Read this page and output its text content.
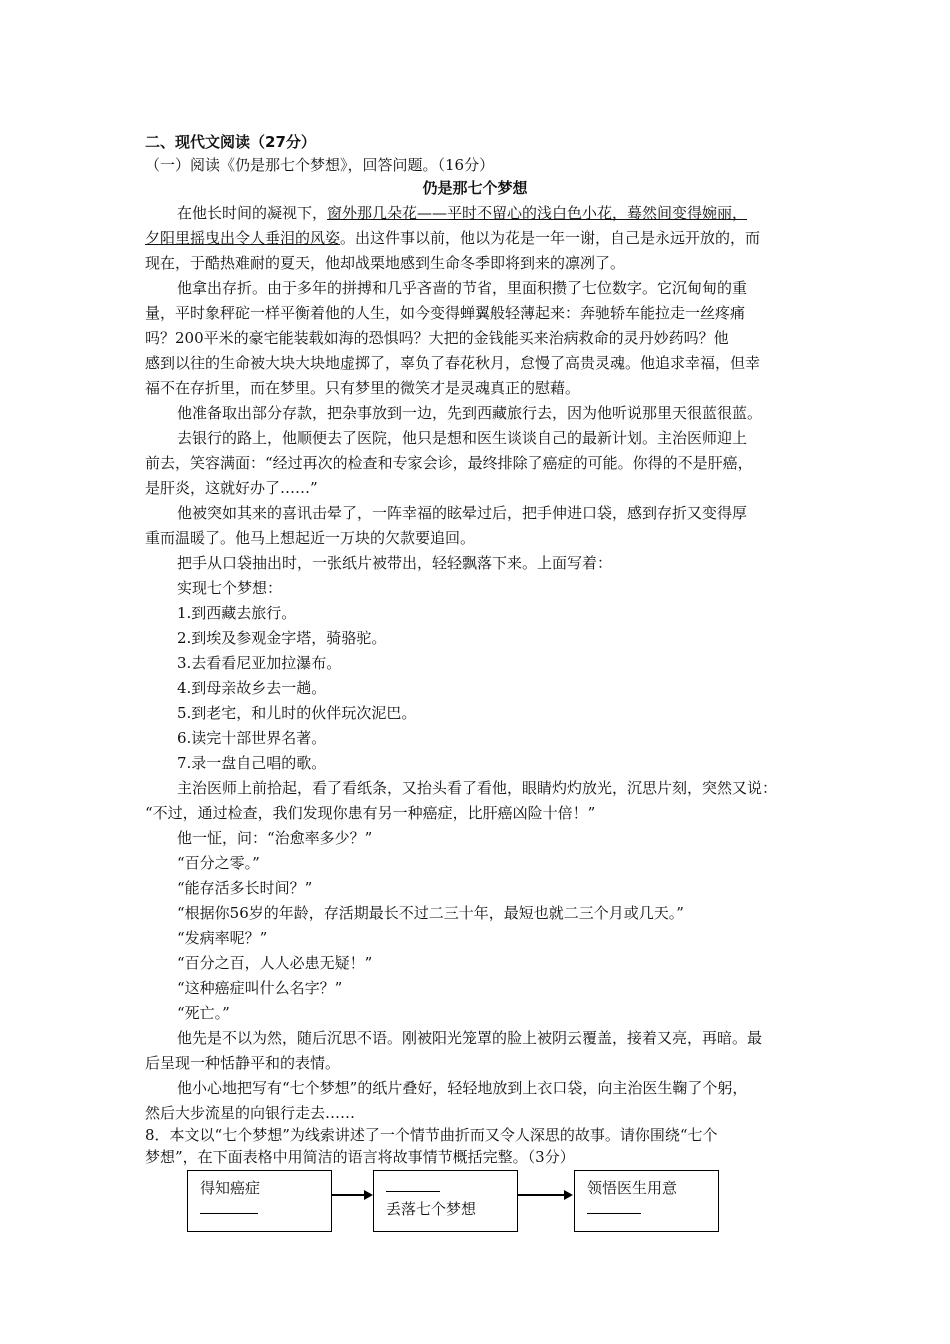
二、现代文阅读（27分）
（一）阅读《仍是那七个梦想》，回答问题。（16分）
仍是那七个梦想
在他长时间的凝视下，窗外那几朵花——平时不留心的浅白色小花，蓦然间变得婉丽，
夕阳里摇曳出令人垂泪的风姿。出这件事以前，他以为花是一年一谢，自己是永远开放的，而
现在，于酷热难耐的夏天，他却战栗地感到生命冬季即将到来的凛冽了。
他拿出存折。由于多年的拼搏和几乎吝啬的节省，里面积攒了七位数字。它沉甸甸的重
量，平时象秤砣一样平衡着他的人生，如今变得蝉翼般轻薄起来：奔驰轿车能拉走一丝疼痛
吗？200平米的豪宅能装载如海的恐惧吗？大把的金钱能买来治病救命的灵丹妙药吗？他
感到以往的生命被大块大块地虚掷了，辜负了春花秋月，怠慢了高贵灵魂。他追求幸福，但幸
福不在存折里，而在梦里。只有梦里的微笑才是灵魂真正的慰藉。
他准备取出部分存款，把杂事放到一边，先到西藏旅行去，因为他听说那里天很蓝很蓝。
去银行的路上，他顺便去了医院，他只是想和医生谈谈自己的最新计划。主治医师迎上
前去，笑容满面：“经过再次的检查和专家会诊，最终排除了癌症的可能。你得的不是肝癌，
是肝炎，这就好办了……”
他被突如其来的喜讯击晕了，一阵幸福的眩晕过后，把手伸进口袋，感到存折又变得厚
重而温暖了。他马上想起近一万块的欠款要追回。
把手从口袋抽出时，一张纸片被带出，轻轻飘落下来。上面写着：
实现七个梦想：
1.到西藏去旅行。
2.到埃及参观金字塔，骑骆驼。
3.去看看尼亚加拉瀑布。
4.到母亲故乡去一趟。
5.到老宅，和儿时的伙伴玩次泥巴。
6.读完十部世界名著。
7.录一盘自己唱的歌。
主治医师上前拾起，看了看纸条，又抬头看了看他，眼睛灼灼放光，沉思片刻，突然又说：
“不过，通过检查，我们发现你患有另一种癌症，比肝癌凶险十倍！”
他一怔，问：“治愈率多少？”
“百分之零。”
“能存活多长时间？”
“根据你56岁的年龄，存活期最长不过二三十年，最短也就二三个月或几天。”
“发病率呢？”
“百分之百，人人必患无疑！”
“这种癌症叫什么名字？”
“死亡。”
他先是不以为然，随后沉思不语。刚被阳光笼罩的脸上被阴云覆盖，接着又亮，再暗。最
后呈现一种恬静平和的表情。
他小心地把写有“七个梦想”的纸片叠好，轻轻地放到上衣口袋，向主治医生鞠了个躬，
然后大步流星的向银行走去……
8．本文以“七个梦想”为线索讲述了一个情节曲折而又令人深思的故事。请你围绕“七个
梦想”，在下面表格中用简洁的语言将故事情节概括完整。（3分）
得知癌症
丢落七个梦想
领悟医生用意
